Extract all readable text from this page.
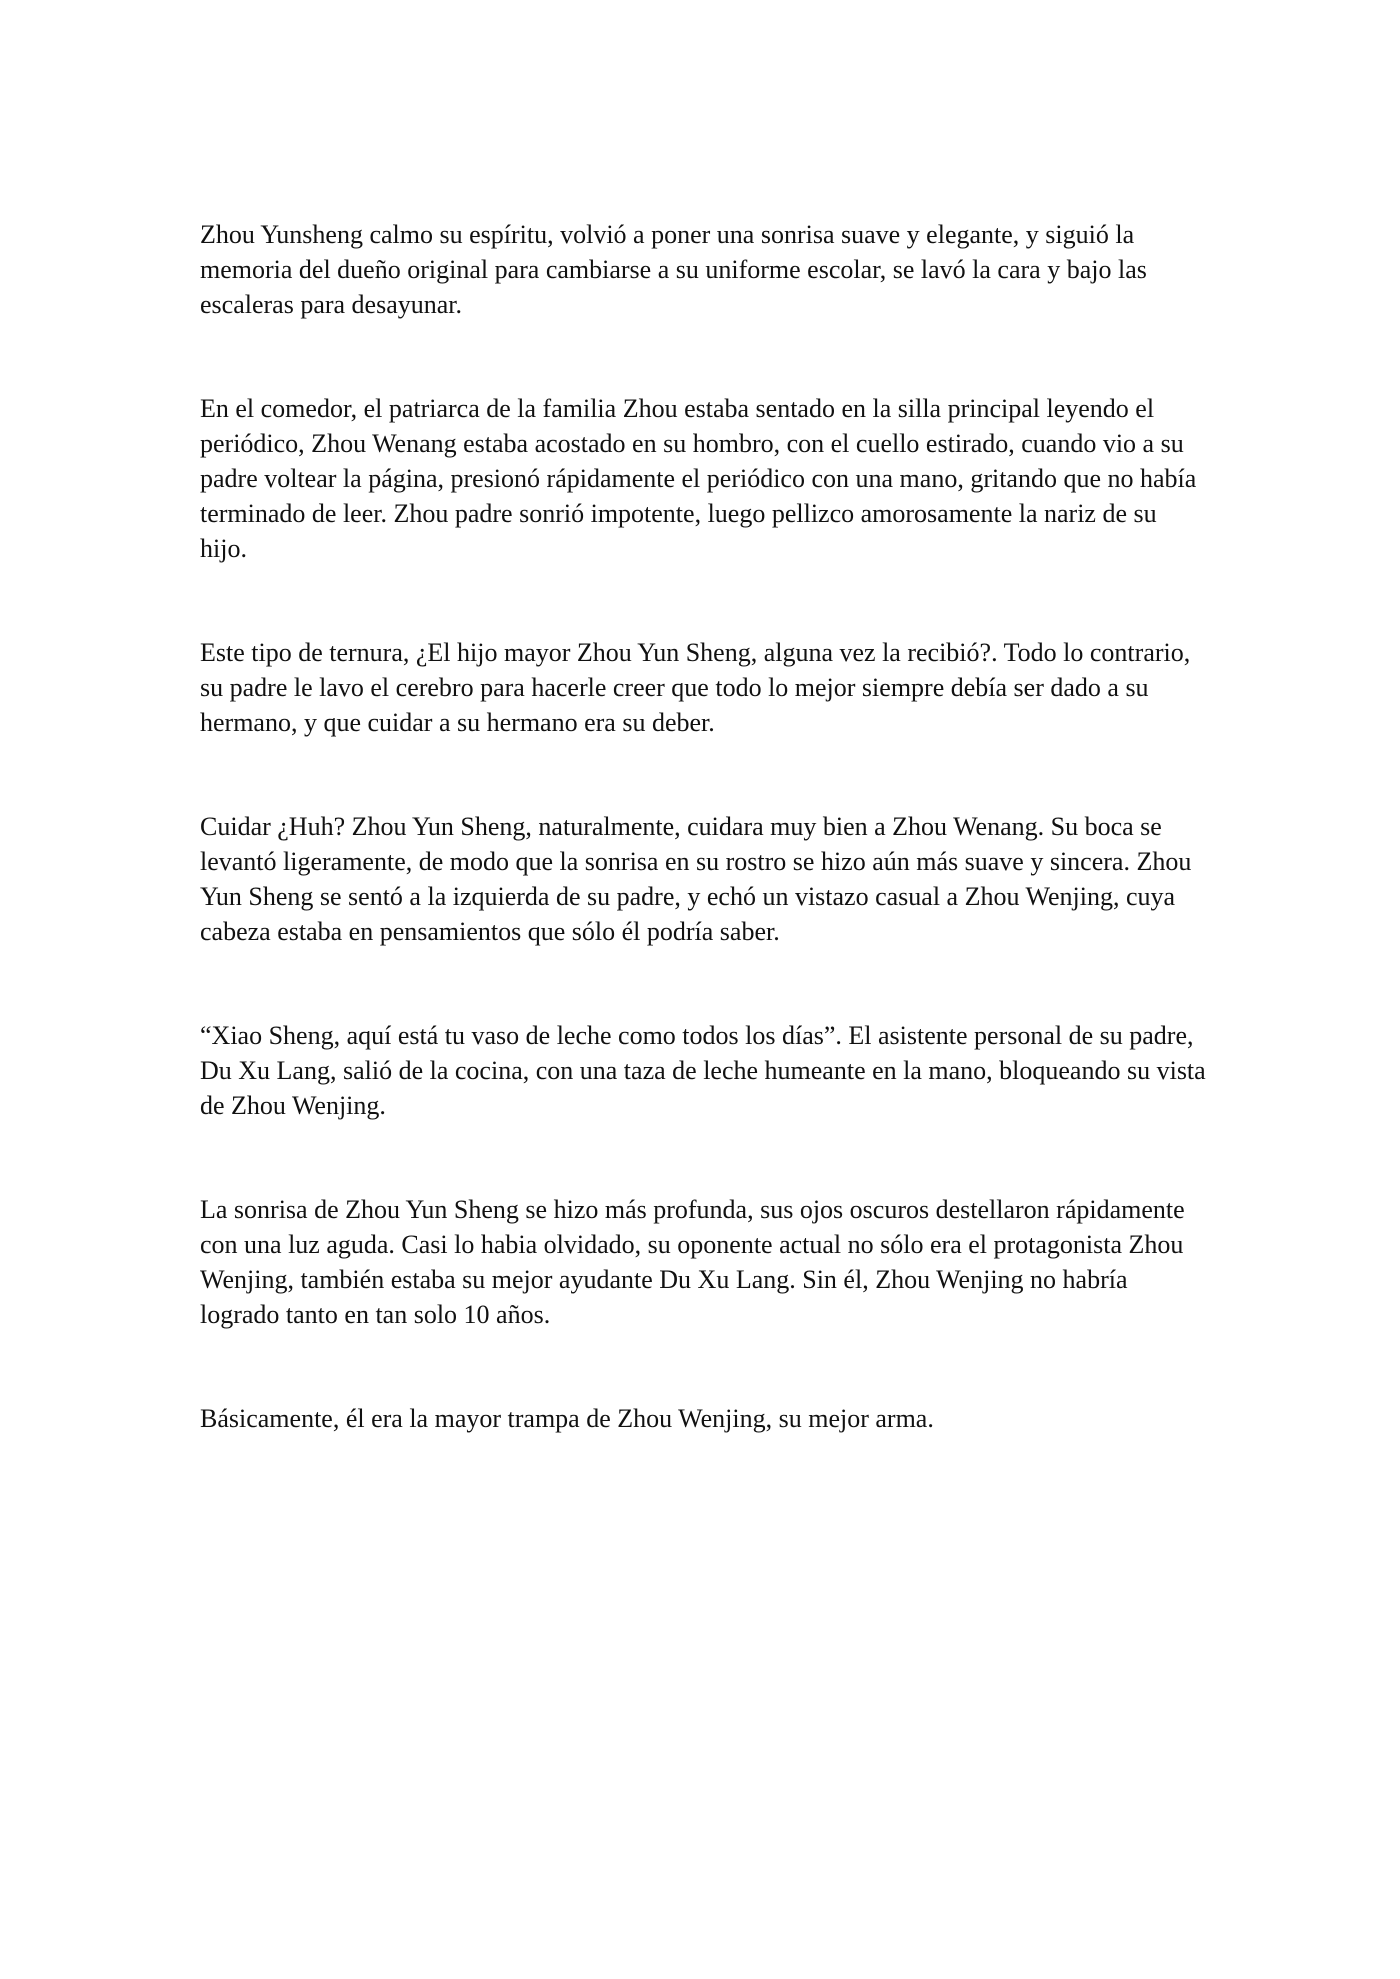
Zhou Yunsheng calmo su espíritu, volvió a poner una sonrisa suave y elegante, y siguió la memoria del dueño original para cambiarse a su uniforme escolar, se lavó la cara y bajo las escaleras para desayunar.

En el comedor, el patriarca de la familia Zhou estaba sentado en la silla principal leyendo el periódico, Zhou Wenang estaba acostado en su hombro, con el cuello estirado, cuando vio a su padre voltear la página, presionó rápidamente el periódico con una mano, gritando que no había terminado de leer. Zhou padre sonrió impotente, luego pellizco amorosamente la nariz de su hijo.

Este tipo de ternura, ¿El hijo mayor Zhou Yun Sheng, alguna vez la recibió?. Todo lo contrario, su padre le lavo el cerebro para hacerle creer que todo lo mejor siempre debía ser dado a su hermano, y que cuidar a su hermano era su deber.

Cuidar ¿Huh? Zhou Yun Sheng, naturalmente, cuidara muy bien a Zhou Wenang. Su boca se levantó ligeramente, de modo que la sonrisa en su rostro se hizo aún más suave y sincera. Zhou Yun Sheng se sentó a la izquierda de su padre, y echó un vistazo casual a Zhou Wenjing, cuya cabeza estaba en pensamientos que sólo él podría saber.

“Xiao Sheng, aquí está tu vaso de leche como todos los días”. El asistente personal de su padre, Du Xu Lang, salió de la cocina, con una taza de leche humeante en la mano, bloqueando su vista de Zhou Wenjing.

La sonrisa de Zhou Yun Sheng se hizo más profunda, sus ojos oscuros destellaron rápidamente con una luz aguda. Casi lo habia olvidado, su oponente actual no sólo era el protagonista Zhou Wenjing, también estaba su mejor ayudante Du Xu Lang. Sin él, Zhou Wenjing no habría logrado tanto en tan solo 10 años.

Básicamente, él era la mayor trampa de Zhou Wenjing, su mejor arma.
